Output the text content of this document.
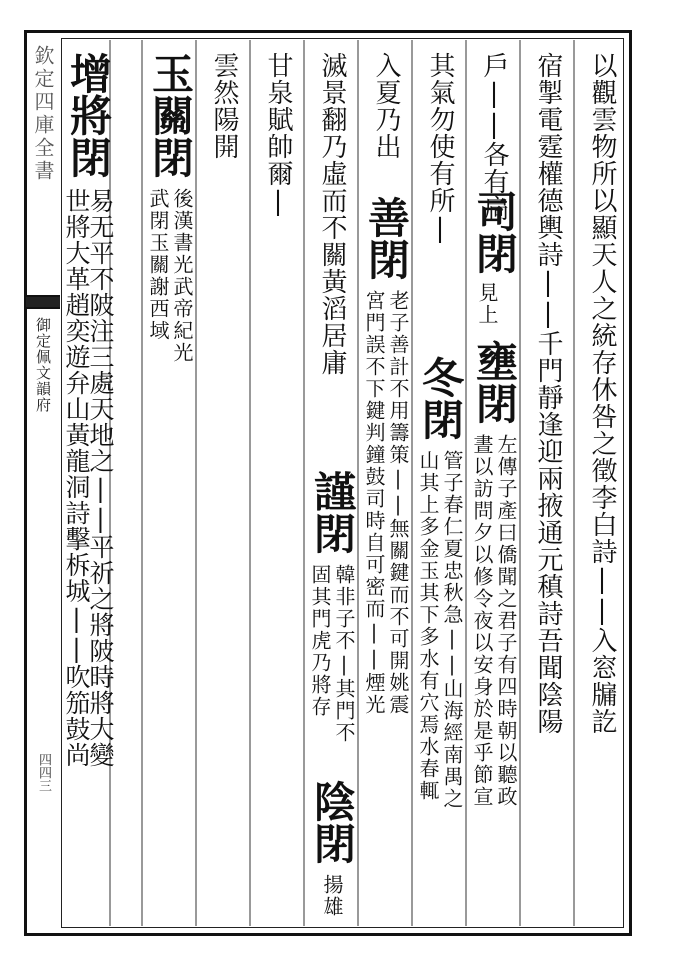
欽定四庫全書
御定佩文韻府
四四三

以觀雲物所以顯天人之統存休咎之徵李白詩||入窓牖訖

宿掣電霆權德輿詩||千門靜逢迎兩掖通元稹詩吾聞陰陽

戶||各有扃

司閉

見上

壅閉

左傳子產曰僑聞之君子有四時朝以聽政

晝以訪問夕以修令夜以安身於是乎節宣

其氣勿使有所|

冬閉

管子春仁夏忠秋急||山海經南禺之

山其上多金玉其下多水有穴焉水春輒

入夏乃出

善閉

老子善計不用籌策||無關鍵而不可開姚震

宮門誤不下鍵判鐘鼓司時自可密而||煙光

滅景翻乃虛而不關黃滔居庸

謹閉

韓非子不|其門不

固其門虎乃將存

陰閉

揚雄

甘泉賦帥爾|

雲然陽開

玉關閉

後漢書光武帝紀光

武閉玉關謝西域

增將閉

易无平不陂注三處天地之||平祈之將陂時將大變

世將大革趙奕遊弁山黃龍洞詩擊柝城||吹笳鼓尚
